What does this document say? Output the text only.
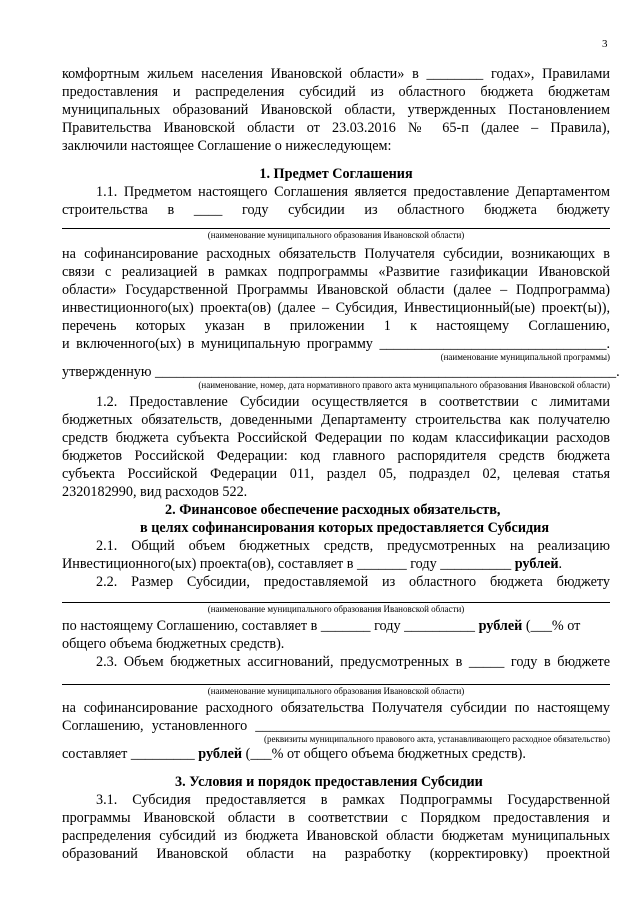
3
комфортным жильем населения Ивановской области» в ________ годах», Правилами
предоставления и распределения субсидий из областного бюджета бюджетам
муниципальных образований Ивановской области, утвержденных Постановлением
Правительства Ивановской области от 23.03.2016 № 65-п (далее – Правила),
заключили настоящее Соглашение о нижеследующем:
1. Предмет Соглашения
1.1. Предметом настоящего Соглашения является предоставление Департаментом
строительства в ____ году субсидии из областного бюджета бюджету
(наименование муниципального образования Ивановской области)
на софинансирование расходных обязательств Получателя субсидии, возникающих в
связи с реализацией в рамках подпрограммы «Развитие газификации Ивановской
области» Государственной Программы Ивановской области (далее – Подпрограмма)
инвестиционного(ых) проекта(ов) (далее – Субсидия, Инвестиционный(ые) проект(ы)),
перечень которых указан в приложении 1 к настоящему Соглашению,
и включенного(ых) в муниципальную программу ________________________________.
(наименование муниципальной программы)
утвержденную _________________________________________________________________.
(наименование, номер, дата нормативного правого акта муниципального образования Ивановской области)
1.2. Предоставление Субсидии осуществляется в соответствии с лимитами
бюджетных обязательств, доведенными Департаменту строительства как получателю
средств бюджета субъекта Российской Федерации по кодам классификации расходов
бюджетов Российской Федерации: код главного распорядителя средств бюджета
субъекта Российской Федерации 011, раздел 05, подраздел 02, целевая статья
2320182990, вид расходов 522.
2. Финансовое обеспечение расходных обязательств,
в целях софинансирования которых предоставляется Субсидия
2.1. Общий объем бюджетных средств, предусмотренных на реализацию
Инвестиционного(ых) проекта(ов), составляет в _______ году __________ рублей.
2.2. Размер Субсидии, предоставляемой из областного бюджета бюджету
(наименование муниципального образования Ивановской области)
по настоящему Соглашению, составляет в _______ году __________ рублей (___% от
общего объема бюджетных средств).
2.3. Объем бюджетных ассигнований, предусмотренных в _____ году в бюджете
(наименование муниципального образования Ивановской области)
на софинансирование расходного обязательства Получателя субсидии по настоящему
Соглашению, установленного __________________________________________________
(реквизиты муниципального правового акта, устанавливающего расходное обязательство)
составляет _________ рублей (___% от общего объема бюджетных средств).
3. Условия и порядок предоставления Субсидии
3.1. Субсидия предоставляется в рамках Подпрограммы Государственной
программы Ивановской области в соответствии с Порядком предоставления и
распределения субсидий из бюджета Ивановской области бюджетам муниципальных
образований Ивановской области на разработку (корректировку) проектной
